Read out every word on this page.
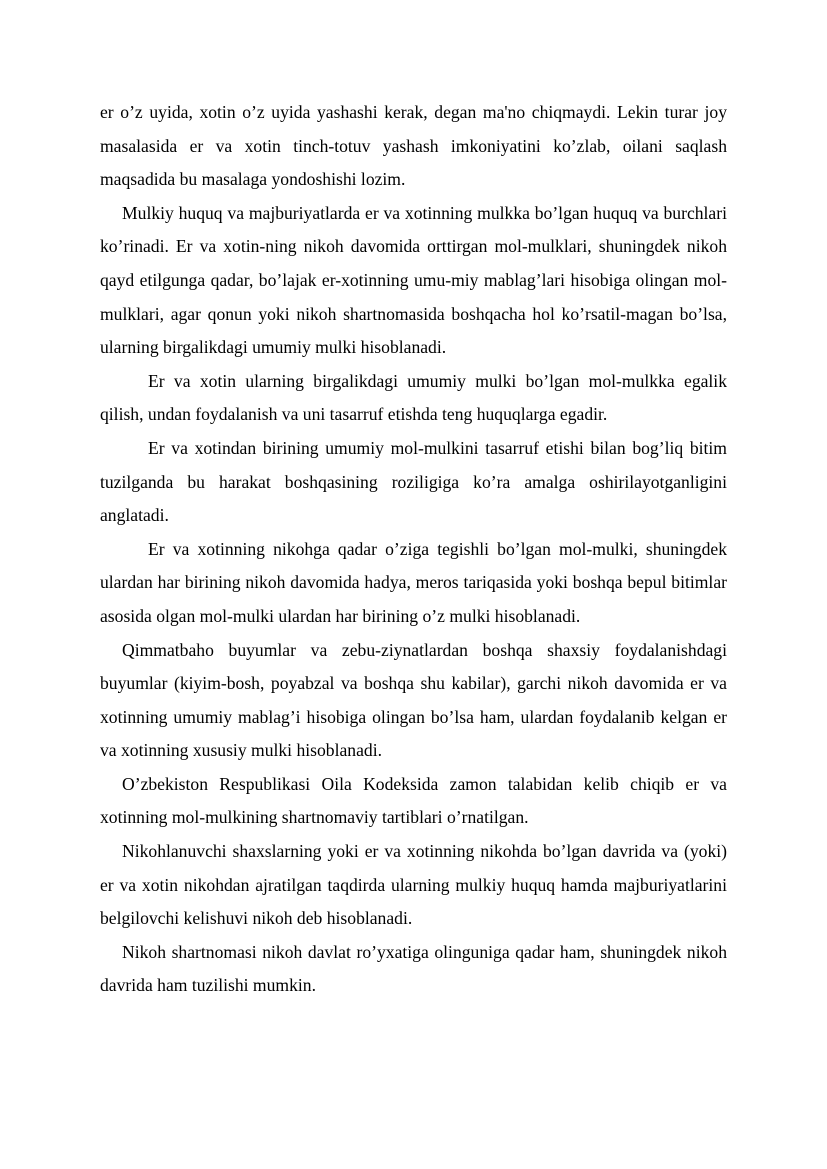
er o’z uyida, xotin o’z uyida yashashi kerak, degan ma'no chiqmaydi. Lekin turar joy masalasida er va xotin tinch-totuv yashash imkoniyatini ko’zlab, oilani saqlash maqsadida bu masalaga yondoshishi lozim.

Mulkiy huquq va majburiyatlarda er va xotinning mulkka bo’lgan huquq va burchlari ko’rinadi. Er va xotin-ning nikoh davomida orttirgan mol-mulklari, shuningdek nikoh qayd etilgunga qadar, bo’lajak er-xotinning umu-miy mablag’lari hisobiga olingan mol-mulklari, agar qonun yoki nikoh shartnomasida boshqacha hol ko’rsatil-magan bo’lsa, ularning birgalikdagi umumiy mulki hisoblanadi.

Er va xotin ularning birgalikdagi umumiy mulki bo’lgan mol-mulkka egalik qilish, undan foydalanish va uni tasarruf etishda teng huquqlarga egadir.

Er va xotindan birining umumiy mol-mulkini tasarruf etishi bilan bog’liq bitim tuzilganda bu harakat boshqasining roziligiga ko’ra amalga oshirilayotganligini anglatadi.

Er va xotinning nikohga qadar o’ziga tegishli bo’lgan mol-mulki, shuningdek ulardan har birining nikoh davomida hadya, meros tariqasida yoki boshqa bepul bitimlar asosida olgan mol-mulki ulardan har birining o’z mulki hisoblanadi.

Qimmatbaho buyumlar va zebu-ziynatlardan boshqa shaxsiy foydalanishdagi buyumlar (kiyim-bosh, poyabzal va boshqa shu kabilar), garchi nikoh davomida er va xotinning umumiy mablag’i hisobiga olingan bo’lsa ham, ulardan foydalanib kelgan er va xotinning xususiy mulki hisoblanadi.

O’zbekiston Respublikasi Oila Kodeksida zamon talabidan kelib chiqib er va xotinning mol-mulkining shartnomaviy tartiblari o’rnatilgan.

Nikohlanuvchi shaxslarning yoki er va xotinning nikohda bo’lgan davrida va (yoki) er va xotin nikohdan ajratilgan taqdirda ularning mulkiy huquq hamda majburiyatlarini belgilovchi kelishuvi nikoh deb hisoblanadi.

Nikoh shartnomasi nikoh davlat ro’yxatiga olinguniga qadar ham, shuningdek nikoh davrida ham tuzilishi mumkin.
